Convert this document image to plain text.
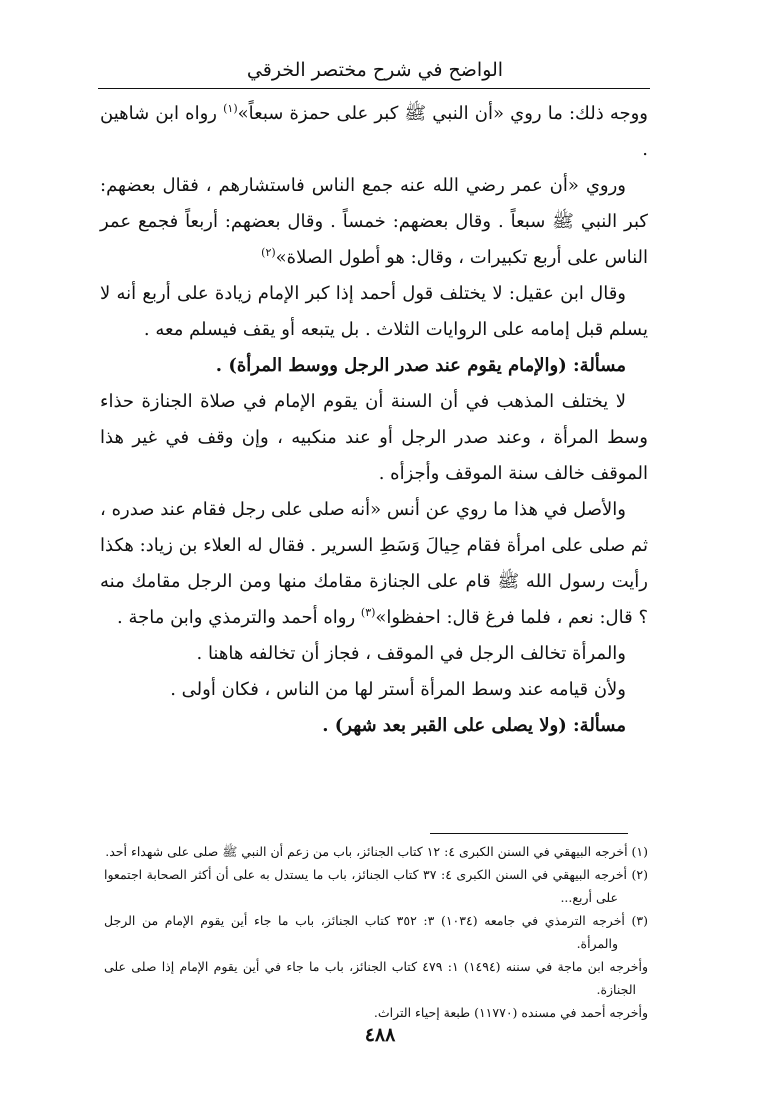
الواضح في شرح مختصر الخرقي

ووجه ذلك: ما روي «أن النبي ﷺ كبر على حمزة سبعاً»$^{(١)}$ رواه ابن شاهين .

وروي «أن عمر رضي الله عنه جمع الناس فاستشارهم ، فقال بعضهم: كبر النبي ﷺ سبعاً . وقال بعضهم: خمساً . وقال بعضهم: أربعاً فجمع عمر الناس على أربع تكبيرات ، وقال: هو أطول الصلاة»$^{(٢)}$

وقال ابن عقيل: لا يختلف قول أحمد إذا كبر الإمام زيادة على أربع أنه لا يسلم قبل إمامه على الروايات الثلاث . بل يتبعه أو يقف فيسلم معه .

مسألة: (والإمام يقوم عند صدر الرجل ووسط المرأة) .

لا يختلف المذهب في أن السنة أن يقوم الإمام في صلاة الجنازة حذاء وسط المرأة ، وعند صدر الرجل أو عند منكبيه ، وإن وقف في غير هذا الموقف خالف سنة الموقف وأجزأه .

والأصل في هذا ما روي عن أنس «أنه صلى على رجل فقام عند صدره ، ثم صلى على امرأة فقام حِيالَ وَسَطِ السرير . فقال له العلاء بن زياد: هكذا رأيت رسول الله ﷺ قام على الجنازة مقامك منها ومن الرجل مقامك منه ؟ قال: نعم ، فلما فرغ قال: احفظوا»$^{(٣)}$ رواه أحمد والترمذي وابن ماجة .

والمرأة تخالف الرجل في الموقف ، فجاز أن تخالفه هاهنا .

ولأن قيامه عند وسط المرأة أستر لها من الناس ، فكان أولى .

مسألة: (ولا يصلى على القبر بعد شهر) .

(١) أخرجه البيهقي في السنن الكبرى ٤: ١٢ كتاب الجنائز، باب من زعم أن النبي ﷺ صلى على شهداء أحد.

(٢) أخرجه البيهقي في السنن الكبرى ٤: ٣٧ كتاب الجنائز، باب ما يستدل به على أن أكثر الصحابة اجتمعوا على أربع...

(٣) أخرجه الترمذي في جامعه (١٠٣٤) ٣: ٣٥٢ كتاب الجنائز، باب ما جاء أين يقوم الإمام من الرجل والمرأة.

وأخرجه ابن ماجة في سننه (١٤٩٤) ١: ٤٧٩ كتاب الجنائز، باب ما جاء في أين يقوم الإمام إذا صلى على الجنازة.

وأخرجه أحمد في مسنده (١١٧٧٠) طبعة إحياء التراث.

٤٨٨
